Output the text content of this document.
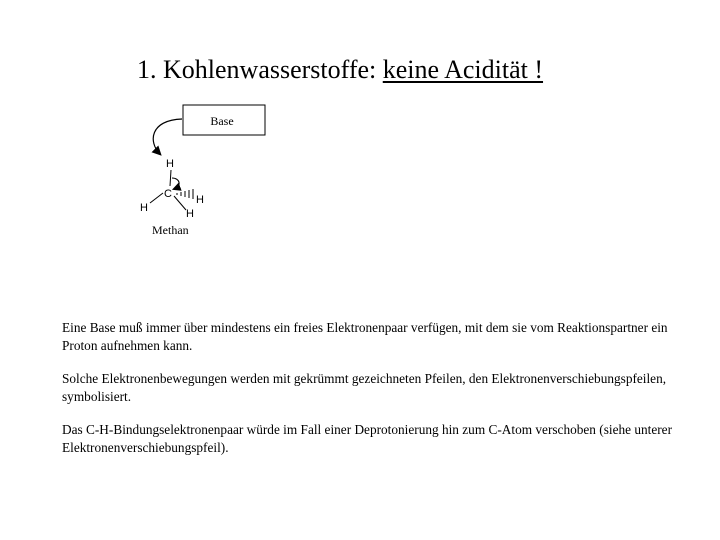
1. Kohlenwasserstoffe: keine Acidität !
Base
H
C
H
H
H
Methan
Eine Base muß immer über mindestens ein freies Elektronenpaar verfügen, mit dem sie vom Reaktionspartner ein Proton aufnehmen kann.
Solche Elektronenbewegungen werden mit gekrümmt gezeichneten Pfeilen, den Elektronenverschiebungspfeilen, symbolisiert.
Das C-H-Bindungselektronenpaar würde im Fall einer Deprotonierung hin zum C-Atom verschoben (siehe unterer Elektronenverschiebungspfeil).
